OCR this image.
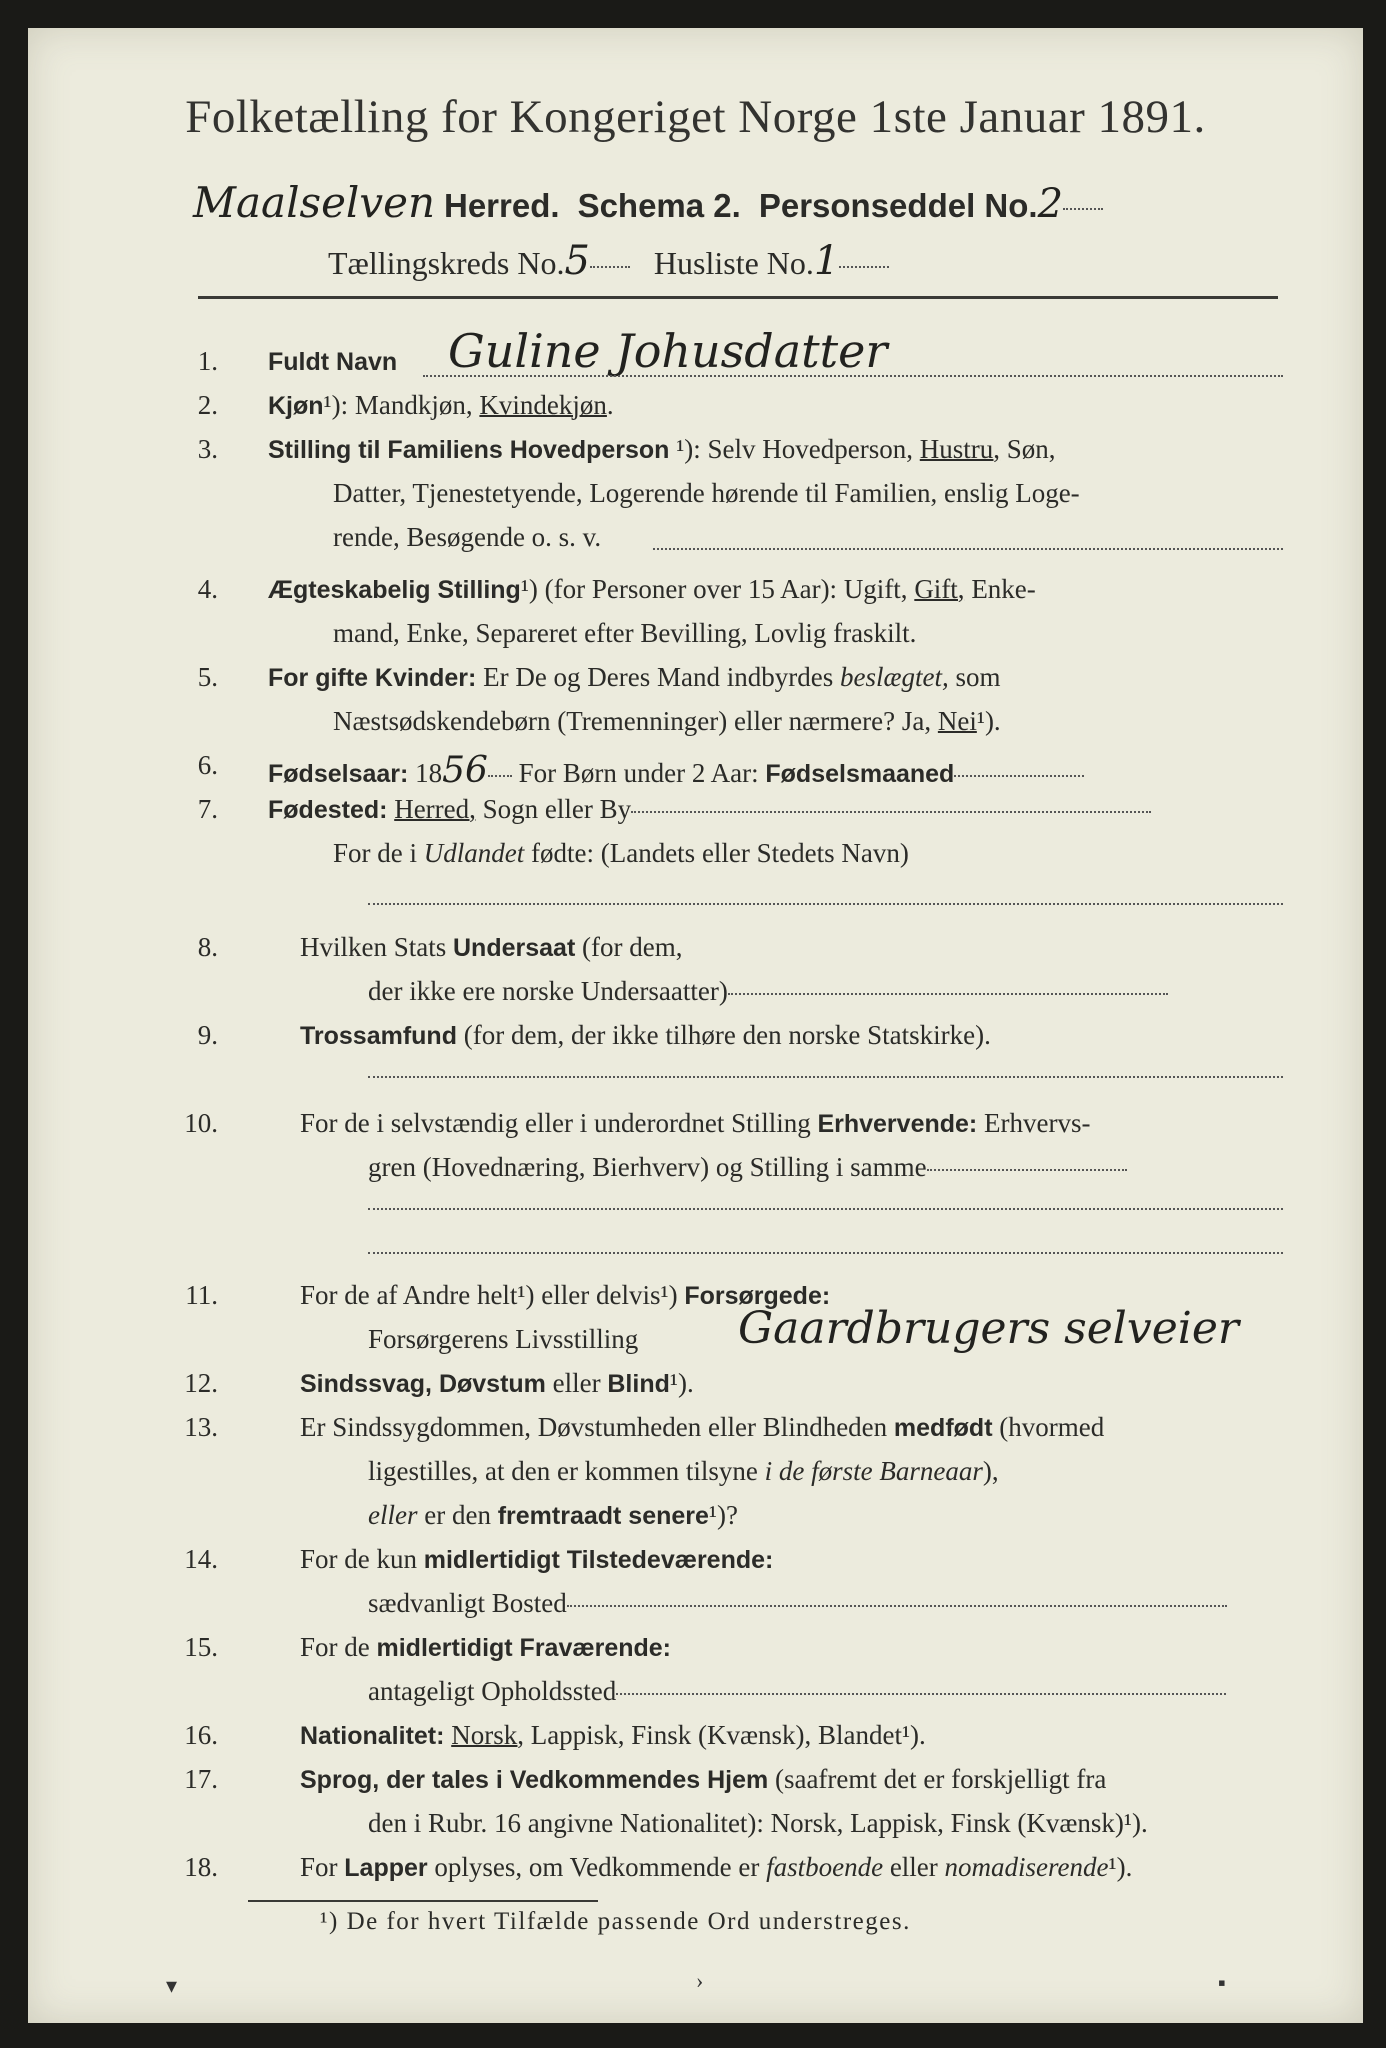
Folketælling for Kongeriget Norge 1ste Januar 1891.
Maalselven Herred. Schema 2. Personseddel No.2
Tællingskreds No.5 Husliste No.1
1. Fuldt Navn Guline Johusdatter
2. Kjøn¹): Mandkjøn, Kvindekjøn.
3. Stilling til Familiens Hovedperson ¹): Selv Hovedperson, Hustru, Søn,
Datter, Tjenestetyende, Logerende hørende til Familien, enslig Loge-
rende, Besøgende o. s. v.
4. Ægteskabelig Stilling¹) (for Personer over 15 Aar): Ugift, Gift, Enke-
mand, Enke, Separeret efter Bevilling, Lovlig fraskilt.
5. For gifte Kvinder: Er De og Deres Mand indbyrdes beslægtet, som
Næstsødskendebørn (Tremenninger) eller nærmere? Ja, Nei¹).
6. Fødselsaar: 1856 For Børn under 2 Aar: Fødselsmaaned
7. Fødested: Herred, Sogn eller By
For de i Udlandet fødte: (Landets eller Stedets Navn)
8.	Hvilken Stats Undersaat (for dem,
der ikke ere norske Undersaatter)
9.	Trossamfund (for dem, der ikke tilhøre den norske Statskirke).
10.	For de i selvstændig eller i underordnet Stilling Erhvervende: Erhvervs-
gren (Hovednæring, Bierhverv) og Stilling i samme
11.	For de af Andre helt¹) eller delvis¹) Forsørgede:
Forsørgerens Livsstilling Gaardbrugers selveier
12.	Sindssvag, Døvstum eller Blind¹).
13.	Er Sindssygdommen, Døvstumheden eller Blindheden medfødt (hvormed
ligestilles, at den er kommen tilsyne i de første Barneaar),
eller er den fremtraadt senere¹)?
14.	For de kun midlertidigt Tilstedeværende:
sædvanligt Bosted
15.	For de midlertidigt Fraværende:
antageligt Opholdssted
16.	Nationalitet: Norsk, Lappisk, Finsk (Kvænsk), Blandet¹).
17.	Sprog, der tales i Vedkommendes Hjem (saafremt det er forskjelligt fra
den i Rubr. 16 angivne Nationalitet): Norsk, Lappisk, Finsk (Kvænsk)¹).
18.	For Lapper oplyses, om Vedkommende er fastboende eller nomadiserende¹).
¹) De for hvert Tilfælde passende Ord understreges.
▾	›	▪
